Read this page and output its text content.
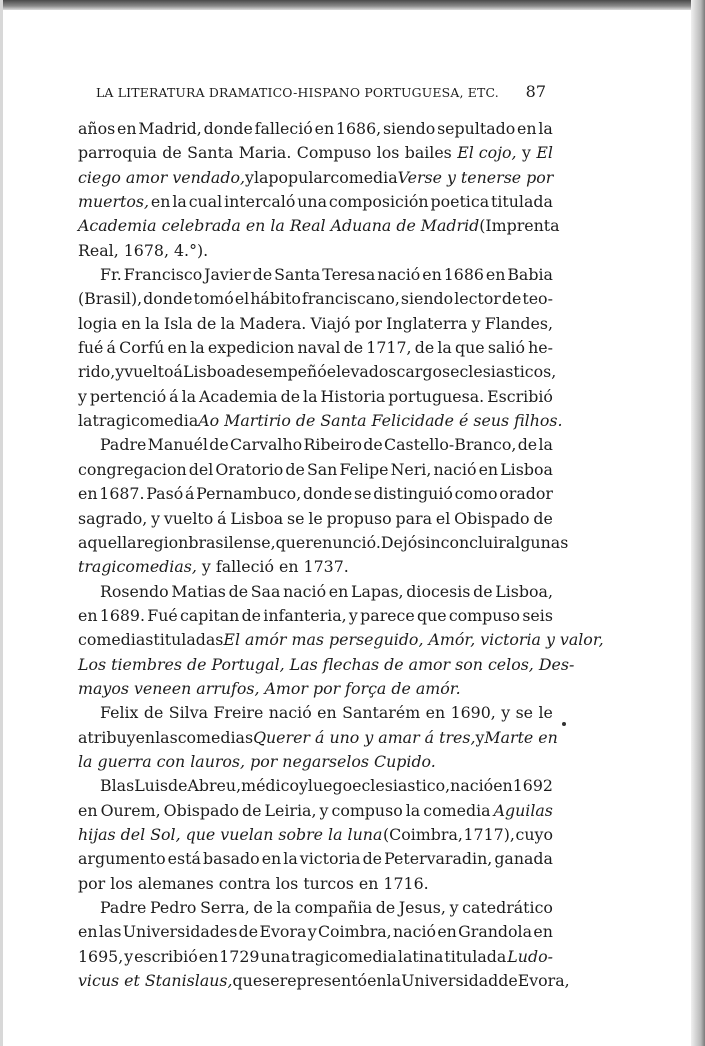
LA LITERATURA DRAMATICO-HISPANO PORTUGUESA, ETC. 87
años en Madrid, donde falleció en 1686, siendo sepultado en la
parroquia de Santa Maria. Compuso los bailes El cojo, y El
ciego amor vendado, y la popular comedia Verse y tenerse por
muertos, en la cual intercaló una composición poetica titulada
Academia celebrada en la Real Aduana de Madrid (Imprenta
Real, 1678, 4.°).
Fr. Francisco Javier de Santa Teresa nació en 1686 en Babia
(Brasil), donde tomó el hábito franciscano, siendo lector de teo-
logia en la Isla de la Madera. Viajó por Inglaterra y Flandes,
fué á Corfú en la expedicion naval de 1717, de la que salió he-
rido, y vuelto á Lisboa desempeñó elevados cargos eclesiasticos,
y pertenció á la Academia de la Historia portuguesa. Escribió
la tragicomedia Ao Martirio de Santa Felicidade é seus filhos.
Padre Manuél de Carvalho Ribeiro de Castello-Branco, de la
congregacion del Oratorio de San Felipe Neri, nació en Lisboa
en 1687. Pasó á Pernambuco, donde se distinguió como orador
sagrado, y vuelto á Lisboa se le propuso para el Obispado de
aquella region brasilense, que renunció. Dejó sin concluir algunas
tragicomedias, y falleció en 1737.
Rosendo Matias de Saa nació en Lapas, diocesis de Lisboa,
en 1689. Fué capitan de infanteria, y parece que compuso seis
comedias tituladas El amór mas perseguido, Amór, victoria y valor,
Los tiembres de Portugal, Las flechas de amor son celos, Des-
mayos veneen arrufos, Amor por força de amór.
Felix de Silva Freire nació en Santarém en 1690, y se le
atribuyen las comedias Querer á uno y amar á tres, y Marte en
la guerra con lauros, por negarselos Cupido.
Blas Luis de Abreu, médico y luego eclesiastico, nació en 1692
en Ourem, Obispado de Leiria, y compuso la comedia Aguilas
hijas del Sol, que vuelan sobre la luna (Coimbra, 1717), cuyo
argumento está basado en la victoria de Petervaradin, ganada
por los alemanes contra los turcos en 1716.
Padre Pedro Serra, de la compañia de Jesus, y catedrático
en las Universidades de Evora y Coimbra, nació en Grandola en
1695, y escribió en 1729 una tragicomedia latina titulada Ludo-
vicus et Stanislaus, que se representó en la Universidad de Evora,
